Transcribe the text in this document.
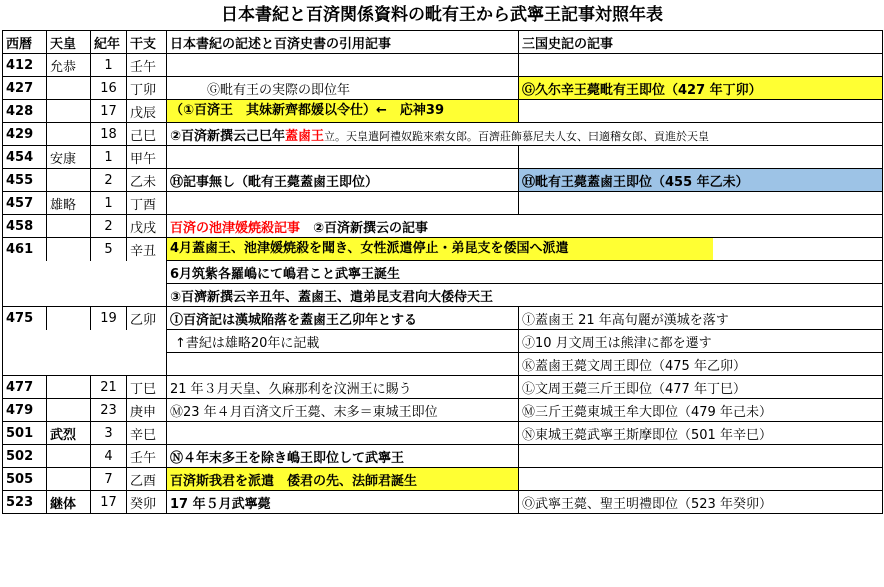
日本書紀と百済関係資料の毗有王から武寧王記事対照年表
西暦	天皇	紀年	干支	日本書紀の記述と百済史書の引用記事	三国史記の記事
412	允恭	1	壬午		
427		16	丁卯	Ⓖ毗有王の実際の即位年	Ⓖ久尓辛王薨毗有王即位（427 年丁卯）
428		17	戊辰	（①百済王　其妹新齊都媛以令仕）←　応神39	
429		18	己巳	②百済新撰云己巳年蓋鹵王立。天皇遣阿禮奴跪來索女郎。百濟莊飾慕尼夫人女、曰適稽女郎、貢進於天皇	
454	安康	1	甲午		
455		2	乙未	Ⓗ記事無し（毗有王薨蓋鹵王即位）	Ⓗ毗有王薨蓋鹵王即位（455 年乙未）
457	雄略	1	丁酉		
458		2	戊戌	百済の池津媛焼殺記事　②百済新撰云の記事	
461		5	辛丑	4月蓋鹵王、池津媛焼殺を聞き、女性派遣停止・弟昆支を倭国へ派遣	
				6月筑紫各羅嶋にて嶋君こと武寧王誕生	
				③百濟新撰云辛丑年、蓋鹵王、遣弟昆支君向大倭侍天王	
475		19	乙卯	Ⓘ百済記は漢城陥落を蓋鹵王乙卯年とする	Ⓘ蓋鹵王 21 年高句麗が漢城を落す
				↑書紀は雄略20年に記載	Ⓙ10 月文周王は熊津に都を遷す
					Ⓚ蓋鹵王薨文周王即位（475 年乙卯）
477		21	丁巳	21 年３月天皇、久麻那利を汶洲王に賜う	Ⓛ文周王薨三斤王即位（477 年丁巳）
479		23	庚申	Ⓜ23 年４月百済文斤王薨、末多＝東城王即位	Ⓜ三斤王薨東城王牟大即位（479 年己未）
501	武烈	3	辛巳		Ⓝ東城王薨武寧王斯摩即位（501 年辛巳）
502		4	壬午	Ⓝ４年末多王を除き嶋王即位して武寧王	
505		7	乙酉	百済斯我君を派遣　倭君の先、法師君誕生	
523	継体	17	癸卯	17 年５月武寧薨	Ⓞ武寧王薨、聖王明禮即位（523 年癸卯）
